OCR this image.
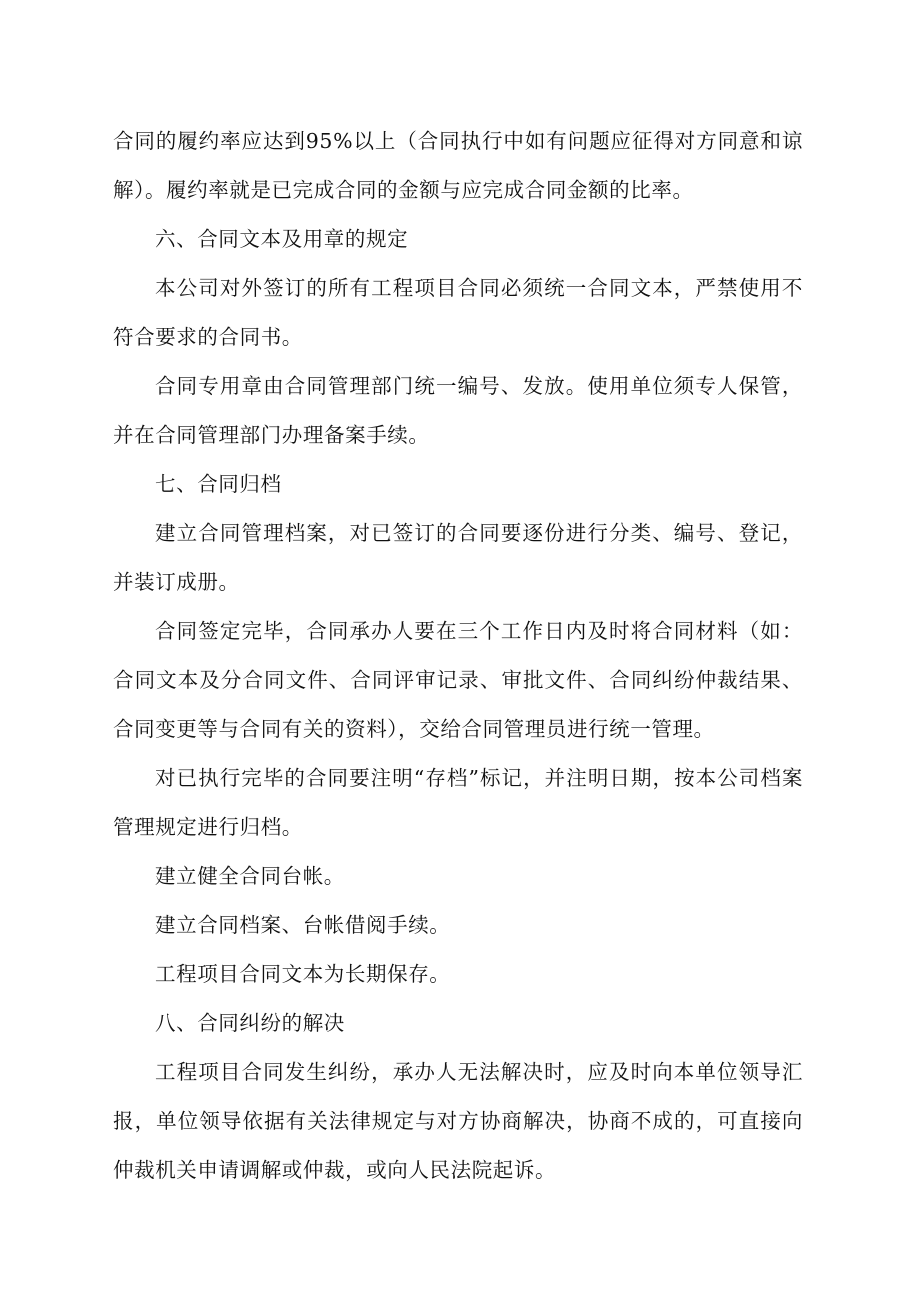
合同的履约率应达到95%以上（合同执行中如有问题应征得对方同意和谅解）。履约率就是已完成合同的金额与应完成合同金额的比率。

六、合同文本及用章的规定

本公司对外签订的所有工程项目合同必须统一合同文本，严禁使用不符合要求的合同书。

合同专用章由合同管理部门统一编号、发放。使用单位须专人保管，并在合同管理部门办理备案手续。

七、合同归档

建立合同管理档案，对已签订的合同要逐份进行分类、编号、登记，并装订成册。

合同签定完毕，合同承办人要在三个工作日内及时将合同材料（如：合同文本及分合同文件、合同评审记录、审批文件、合同纠纷仲裁结果、合同变更等与合同有关的资料），交给合同管理员进行统一管理。

对已执行完毕的合同要注明“存档”标记，并注明日期，按本公司档案管理规定进行归档。

建立健全合同台帐。

建立合同档案、台帐借阅手续。

工程项目合同文本为长期保存。

八、合同纠纷的解决

工程项目合同发生纠纷，承办人无法解决时，应及时向本单位领导汇报，单位领导依据有关法律规定与对方协商解决，协商不成的，可直接向仲裁机关申请调解或仲裁，或向人民法院起诉。
